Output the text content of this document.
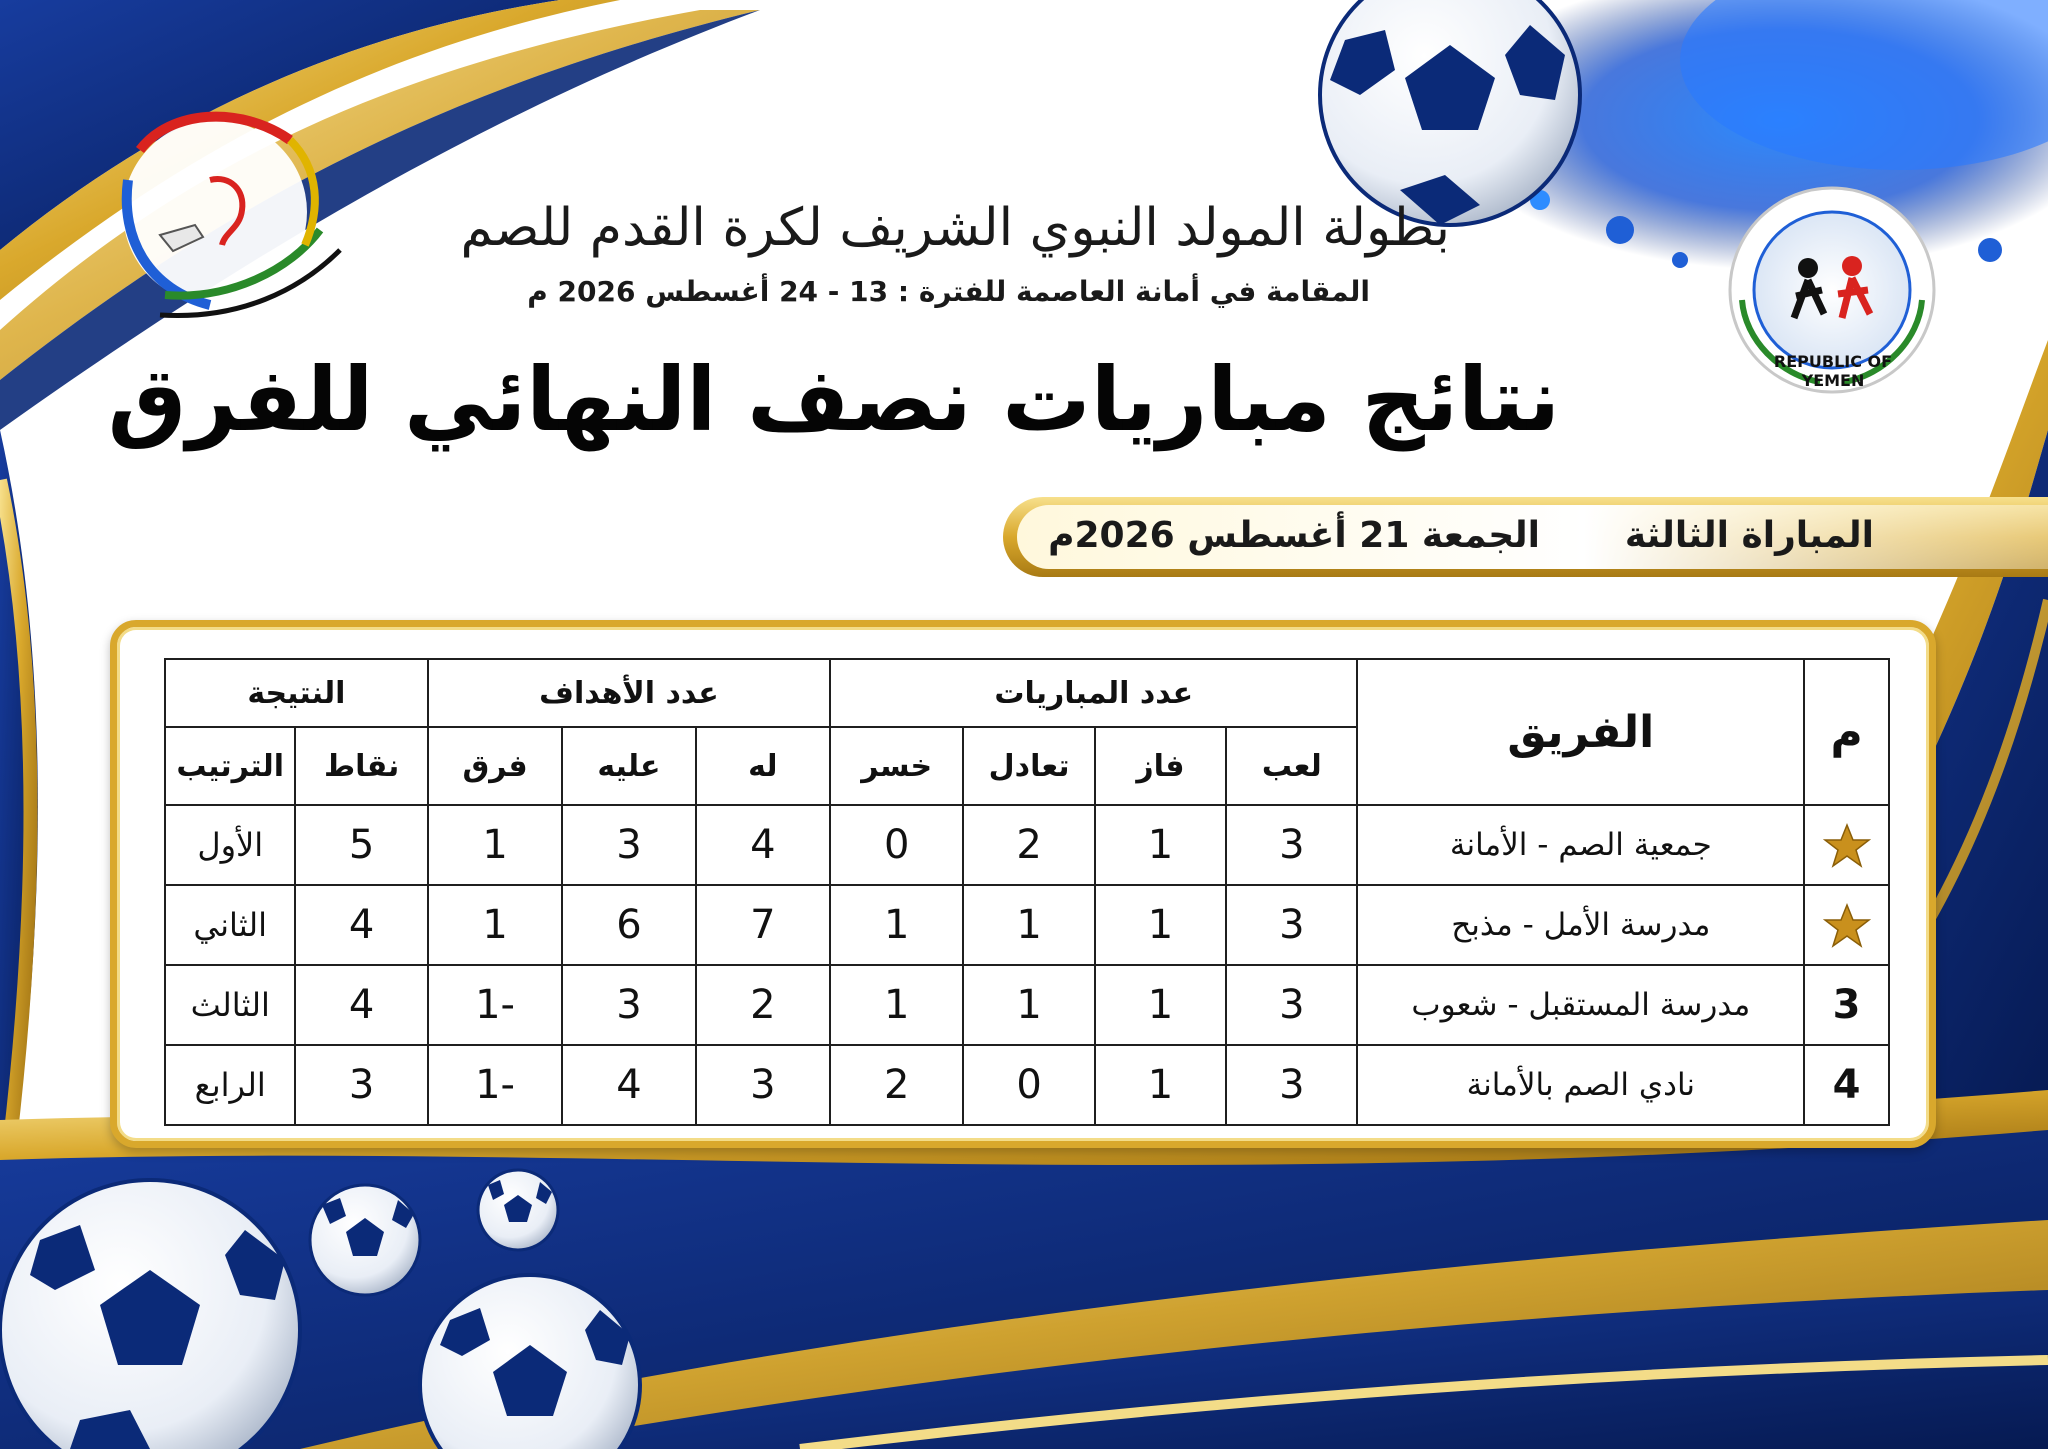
REPUBLIC OF YEMEN
بطولة المولد النبوي الشريف لكرة القدم للصم
المقامة في أمانة العاصمة للفترة : 13 - 24 أغسطس 2026 م
نتائج مباريات نصف النهائي للفرق
المباراة الثالثة
الجمعة 21 أغسطس 2026م
م	الفريق	عدد المباريات				عدد الأهداف			النتيجة	
		لعب	فاز	تعادل	خسر	له	عليه	فرق	نقاط	الترتيب
	جمعية الصم - الأمانة	3	1	2	0	4	3	1	5	الأول
	مدرسة الأمل - مذبح	3	1	1	1	7	6	1	4	الثاني
3	مدرسة المستقبل - شعوب	3	1	1	1	2	3	-1	4	الثالث
4	نادي الصم بالأمانة	3	1	0	2	3	4	-1	3	الرابع
